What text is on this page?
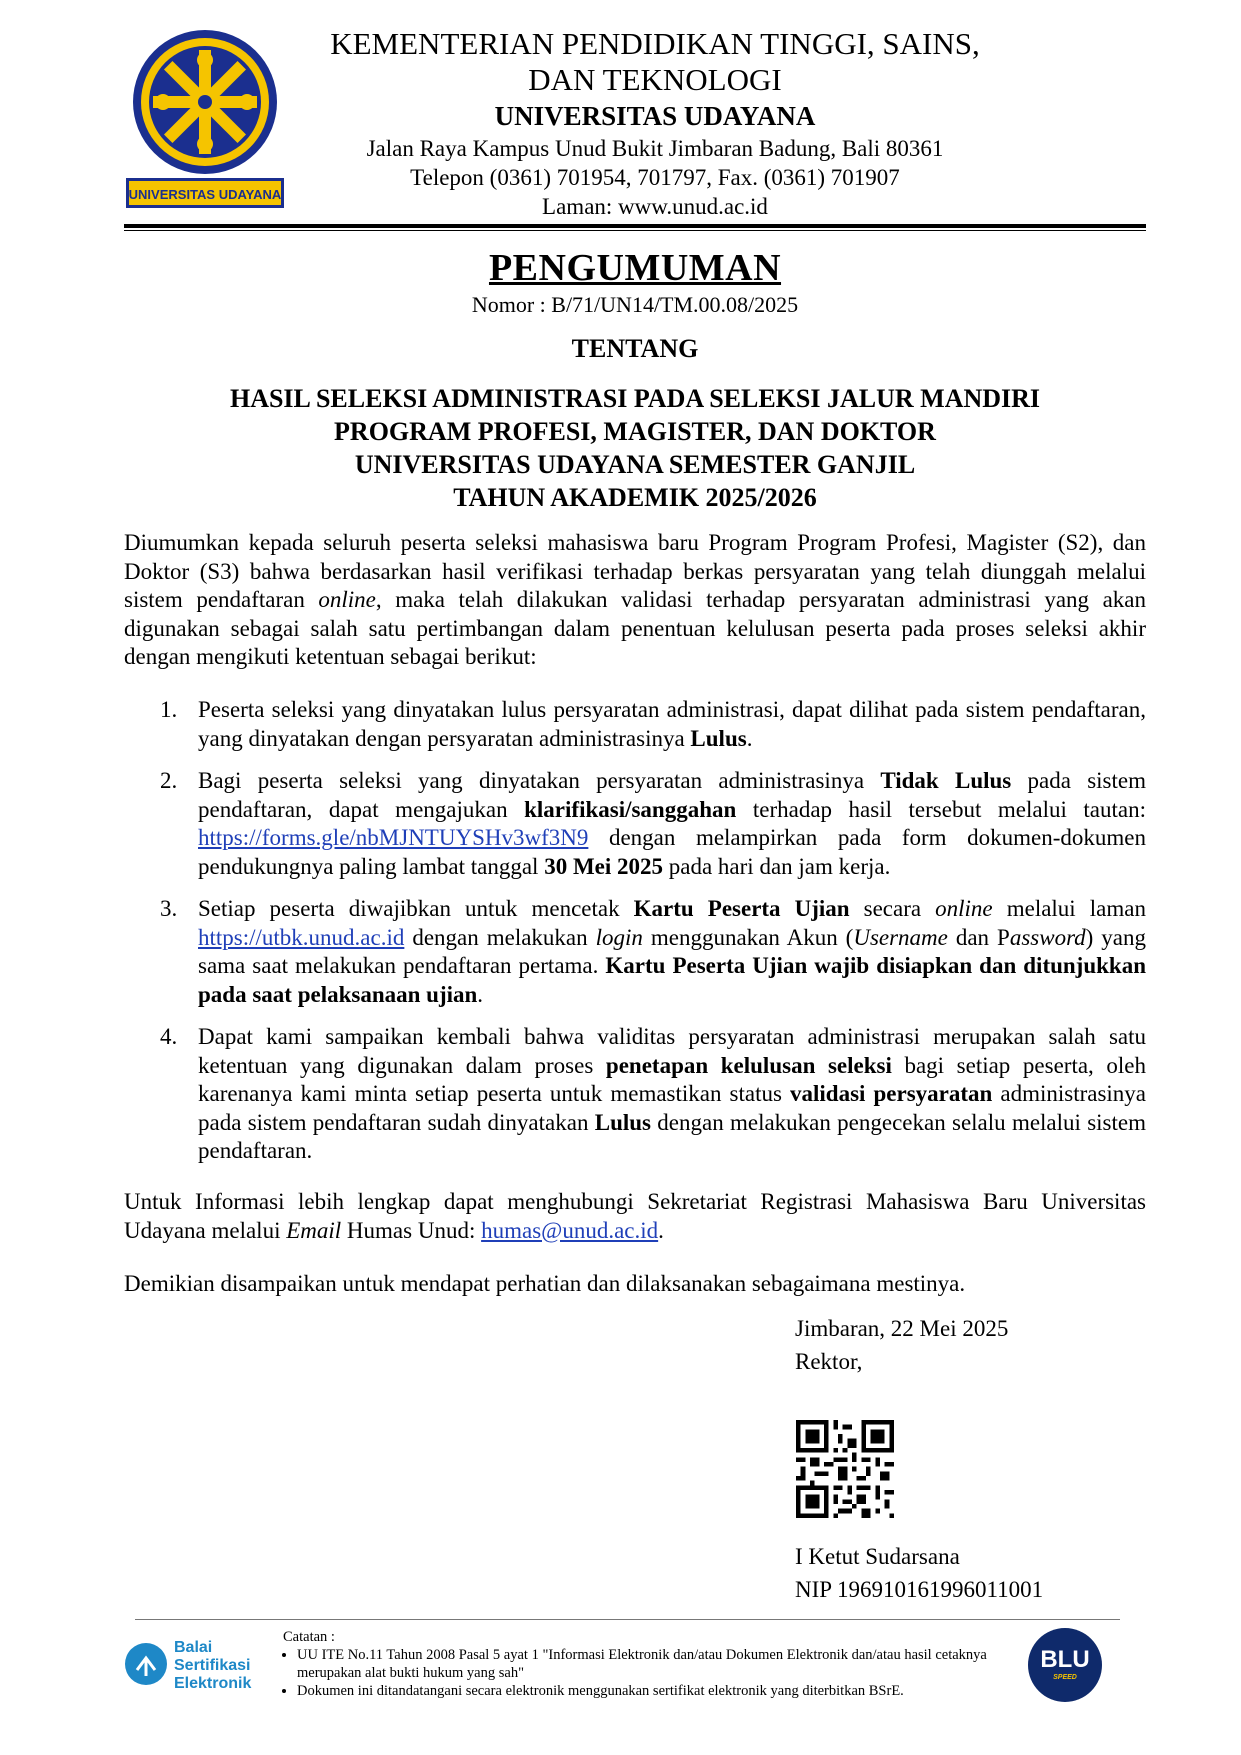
UNIVERSITAS UDAYANA
KEMENTERIAN PENDIDIKAN TINGGI, SAINS,
DAN TEKNOLOGI
UNIVERSITAS UDAYANA
Jalan Raya Kampus Unud Bukit Jimbaran Badung, Bali 80361
Telepon (0361) 701954, 701797, Fax. (0361) 701907
Laman: www.unud.ac.id
PENGUMUMAN
Nomor : B/71/UN14/TM.00.08/2025
TENTANG
HASIL SELEKSI ADMINISTRASI PADA SELEKSI JALUR MANDIRI
PROGRAM PROFESI, MAGISTER, DAN DOKTOR
UNIVERSITAS UDAYANA SEMESTER GANJIL
TAHUN AKADEMIK 2025/2026
Diumumkan kepada seluruh peserta seleksi mahasiswa baru Program Program Profesi, Magister (S2), dan Doktor (S3) bahwa berdasarkan hasil verifikasi terhadap berkas persyaratan yang telah diunggah melalui sistem pendaftaran online, maka telah dilakukan validasi terhadap persyaratan administrasi yang akan digunakan sebagai salah satu pertimbangan dalam penentuan kelulusan peserta pada proses seleksi akhir dengan mengikuti ketentuan sebagai berikut:
1. Peserta seleksi yang dinyatakan lulus persyaratan administrasi, dapat dilihat pada sistem pendaftaran, yang dinyatakan dengan persyaratan administrasinya Lulus.
2. Bagi peserta seleksi yang dinyatakan persyaratan administrasinya Tidak Lulus pada sistem pendaftaran, dapat mengajukan klarifikasi/sanggahan terhadap hasil tersebut melalui tautan: https://forms.gle/nbMJNTUYSHv3wf3N9 dengan melampirkan pada form dokumen-dokumen pendukungnya paling lambat tanggal 30 Mei 2025 pada hari dan jam kerja.
3. Setiap peserta diwajibkan untuk mencetak Kartu Peserta Ujian secara online melalui laman https://utbk.unud.ac.id dengan melakukan login menggunakan Akun (Username dan Password) yang sama saat melakukan pendaftaran pertama. Kartu Peserta Ujian wajib disiapkan dan ditunjukkan pada saat pelaksanaan ujian.
4. Dapat kami sampaikan kembali bahwa validitas persyaratan administrasi merupakan salah satu ketentuan yang digunakan dalam proses penetapan kelulusan seleksi bagi setiap peserta, oleh karenanya kami minta setiap peserta untuk memastikan status validasi persyaratan administrasinya pada sistem pendaftaran sudah dinyatakan Lulus dengan melakukan pengecekan selalu melalui sistem pendaftaran.
Untuk Informasi lebih lengkap dapat menghubungi Sekretariat Registrasi Mahasiswa Baru Universitas Udayana melalui Email Humas Unud: humas@unud.ac.id.
Demikian disampaikan untuk mendapat perhatian dan dilaksanakan sebagaimana mestinya.
Jimbaran, 22 Mei 2025
Rektor,
I Ketut Sudarsana
NIP 196910161996011001
Balai
Sertifikasi
Elektronik
Catatan :
• UU ITE No.11 Tahun 2008 Pasal 5 ayat 1 "Informasi Elektronik dan/atau Dokumen Elektronik dan/atau hasil cetaknya merupakan alat bukti hukum yang sah"
• Dokumen ini ditandatangani secara elektronik menggunakan sertifikat elektronik yang diterbitkan BSrE.
BLU
SPEED
